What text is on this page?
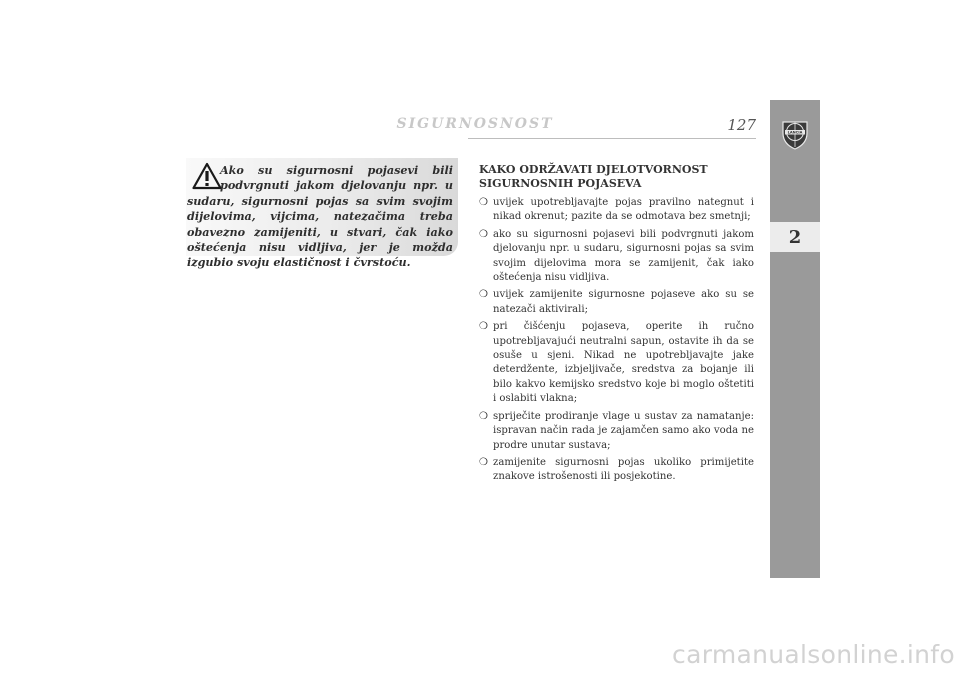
SIGURNOSNOST	127	LANCIA
2

Ako su sigurnosni pojasevi bili podvrgnuti jakom djelovanju npr. u sudaru, sigurnosni pojas sa svim svojim dijelovima, vijcima, natezačima treba obavezno zamijeniti, u stvari, čak iako oštećenja nisu vidljiva, jer je možda izgubio svoju elastičnost i čvrstoću.

KAKO ODRŽAVATI DJELOTVORNOST SIGURNOSNIH POJASEVA

❍ uvijek upotrebljavajte pojas pravilno nategnut i nikad okrenut; pazite da se odmotava bez smetnji;
❍ ako su sigurnosni pojasevi bili podvrgnuti jakom djelovanju npr. u sudaru, sigurnosni pojas sa svim svojim dijelovima mora se zamijenit, čak iako oštećenja nisu vidljiva.
❍ uvijek zamijenite sigurnosne pojaseve ako su se natezači aktivirali;
❍ pri čišćenju pojaseva, operite ih ručno upotrebljavajući neutralni sapun, ostavite ih da se osuše u sjeni. Nikad ne upotrebljavajte jake deterdžente, izbjeljivače, sredstva za bojanje ili bilo kakvo kemijsko sredstvo koje bi moglo oštetiti i oslabiti vlakna;
❍ spriječite prodiranje vlage u sustav za namatanje: ispravan način rada je zajamčen samo ako voda ne prodre unutar sustava;
❍ zamijenite sigurnosni pojas ukoliko primijetite znakove istrošenosti ili posjekotine.
carmanualsonline.info
